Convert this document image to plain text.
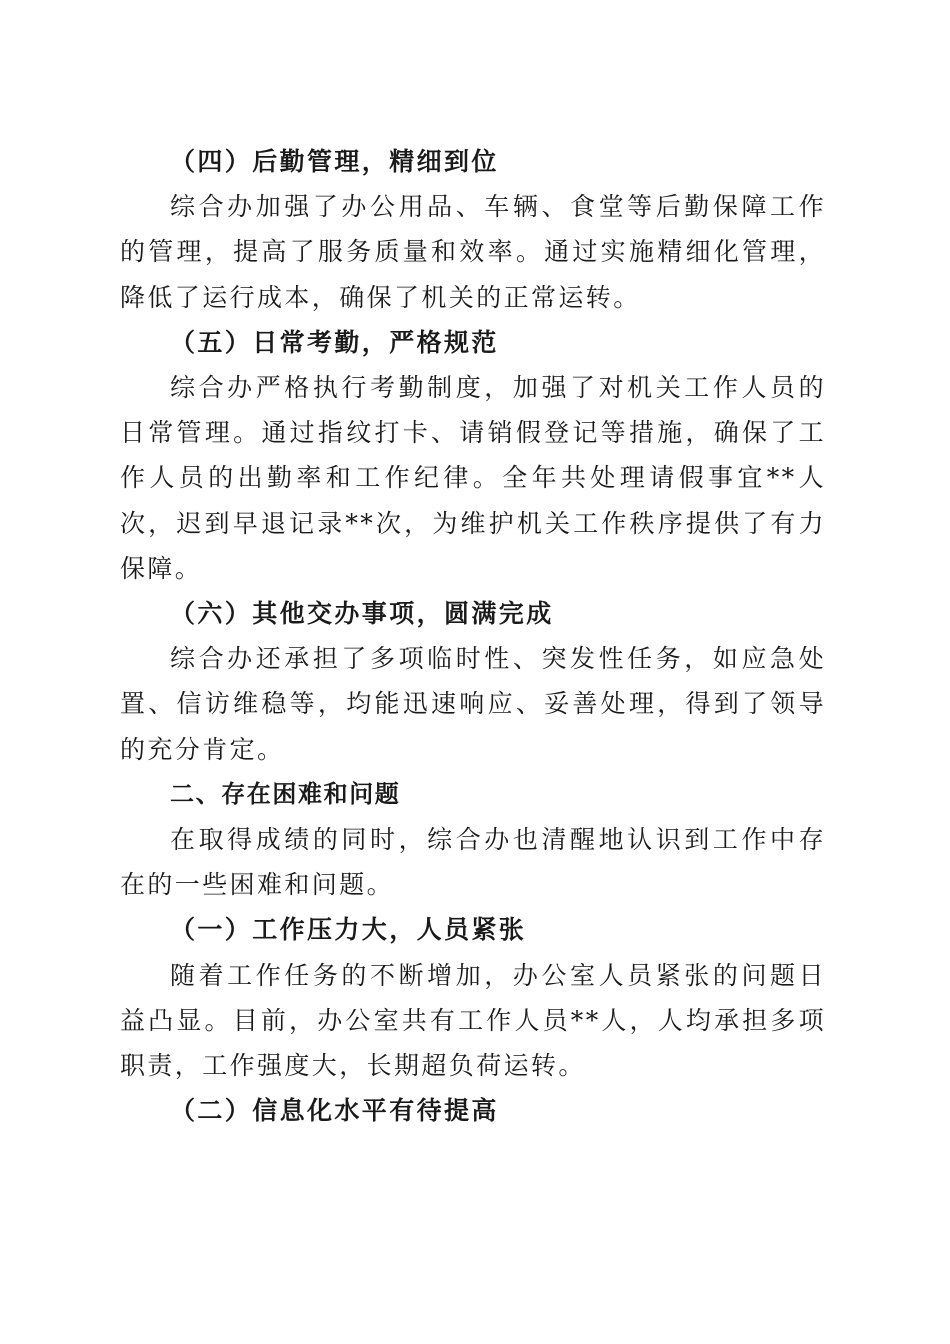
（四）后勤管理，精细到位

综合办加强了办公用品、车辆、食堂等后勤保障工作的管理，提高了服务质量和效率。通过实施精细化管理，降低了运行成本，确保了机关的正常运转。

（五）日常考勤，严格规范

综合办严格执行考勤制度，加强了对机关工作人员的日常管理。通过指纹打卡、请销假登记等措施，确保了工作人员的出勤率和工作纪律。全年共处理请假事宜**人次，迟到早退记录**次，为维护机关工作秩序提供了有力保障。

（六）其他交办事项，圆满完成

综合办还承担了多项临时性、突发性任务，如应急处置、信访维稳等，均能迅速响应、妥善处理，得到了领导的充分肯定。

二、存在困难和问题

在取得成绩的同时，综合办也清醒地认识到工作中存在的一些困难和问题。

（一）工作压力大，人员紧张

随着工作任务的不断增加，办公室人员紧张的问题日益凸显。目前，办公室共有工作人员**人，人均承担多项职责，工作强度大，长期超负荷运转。

（二）信息化水平有待提高
